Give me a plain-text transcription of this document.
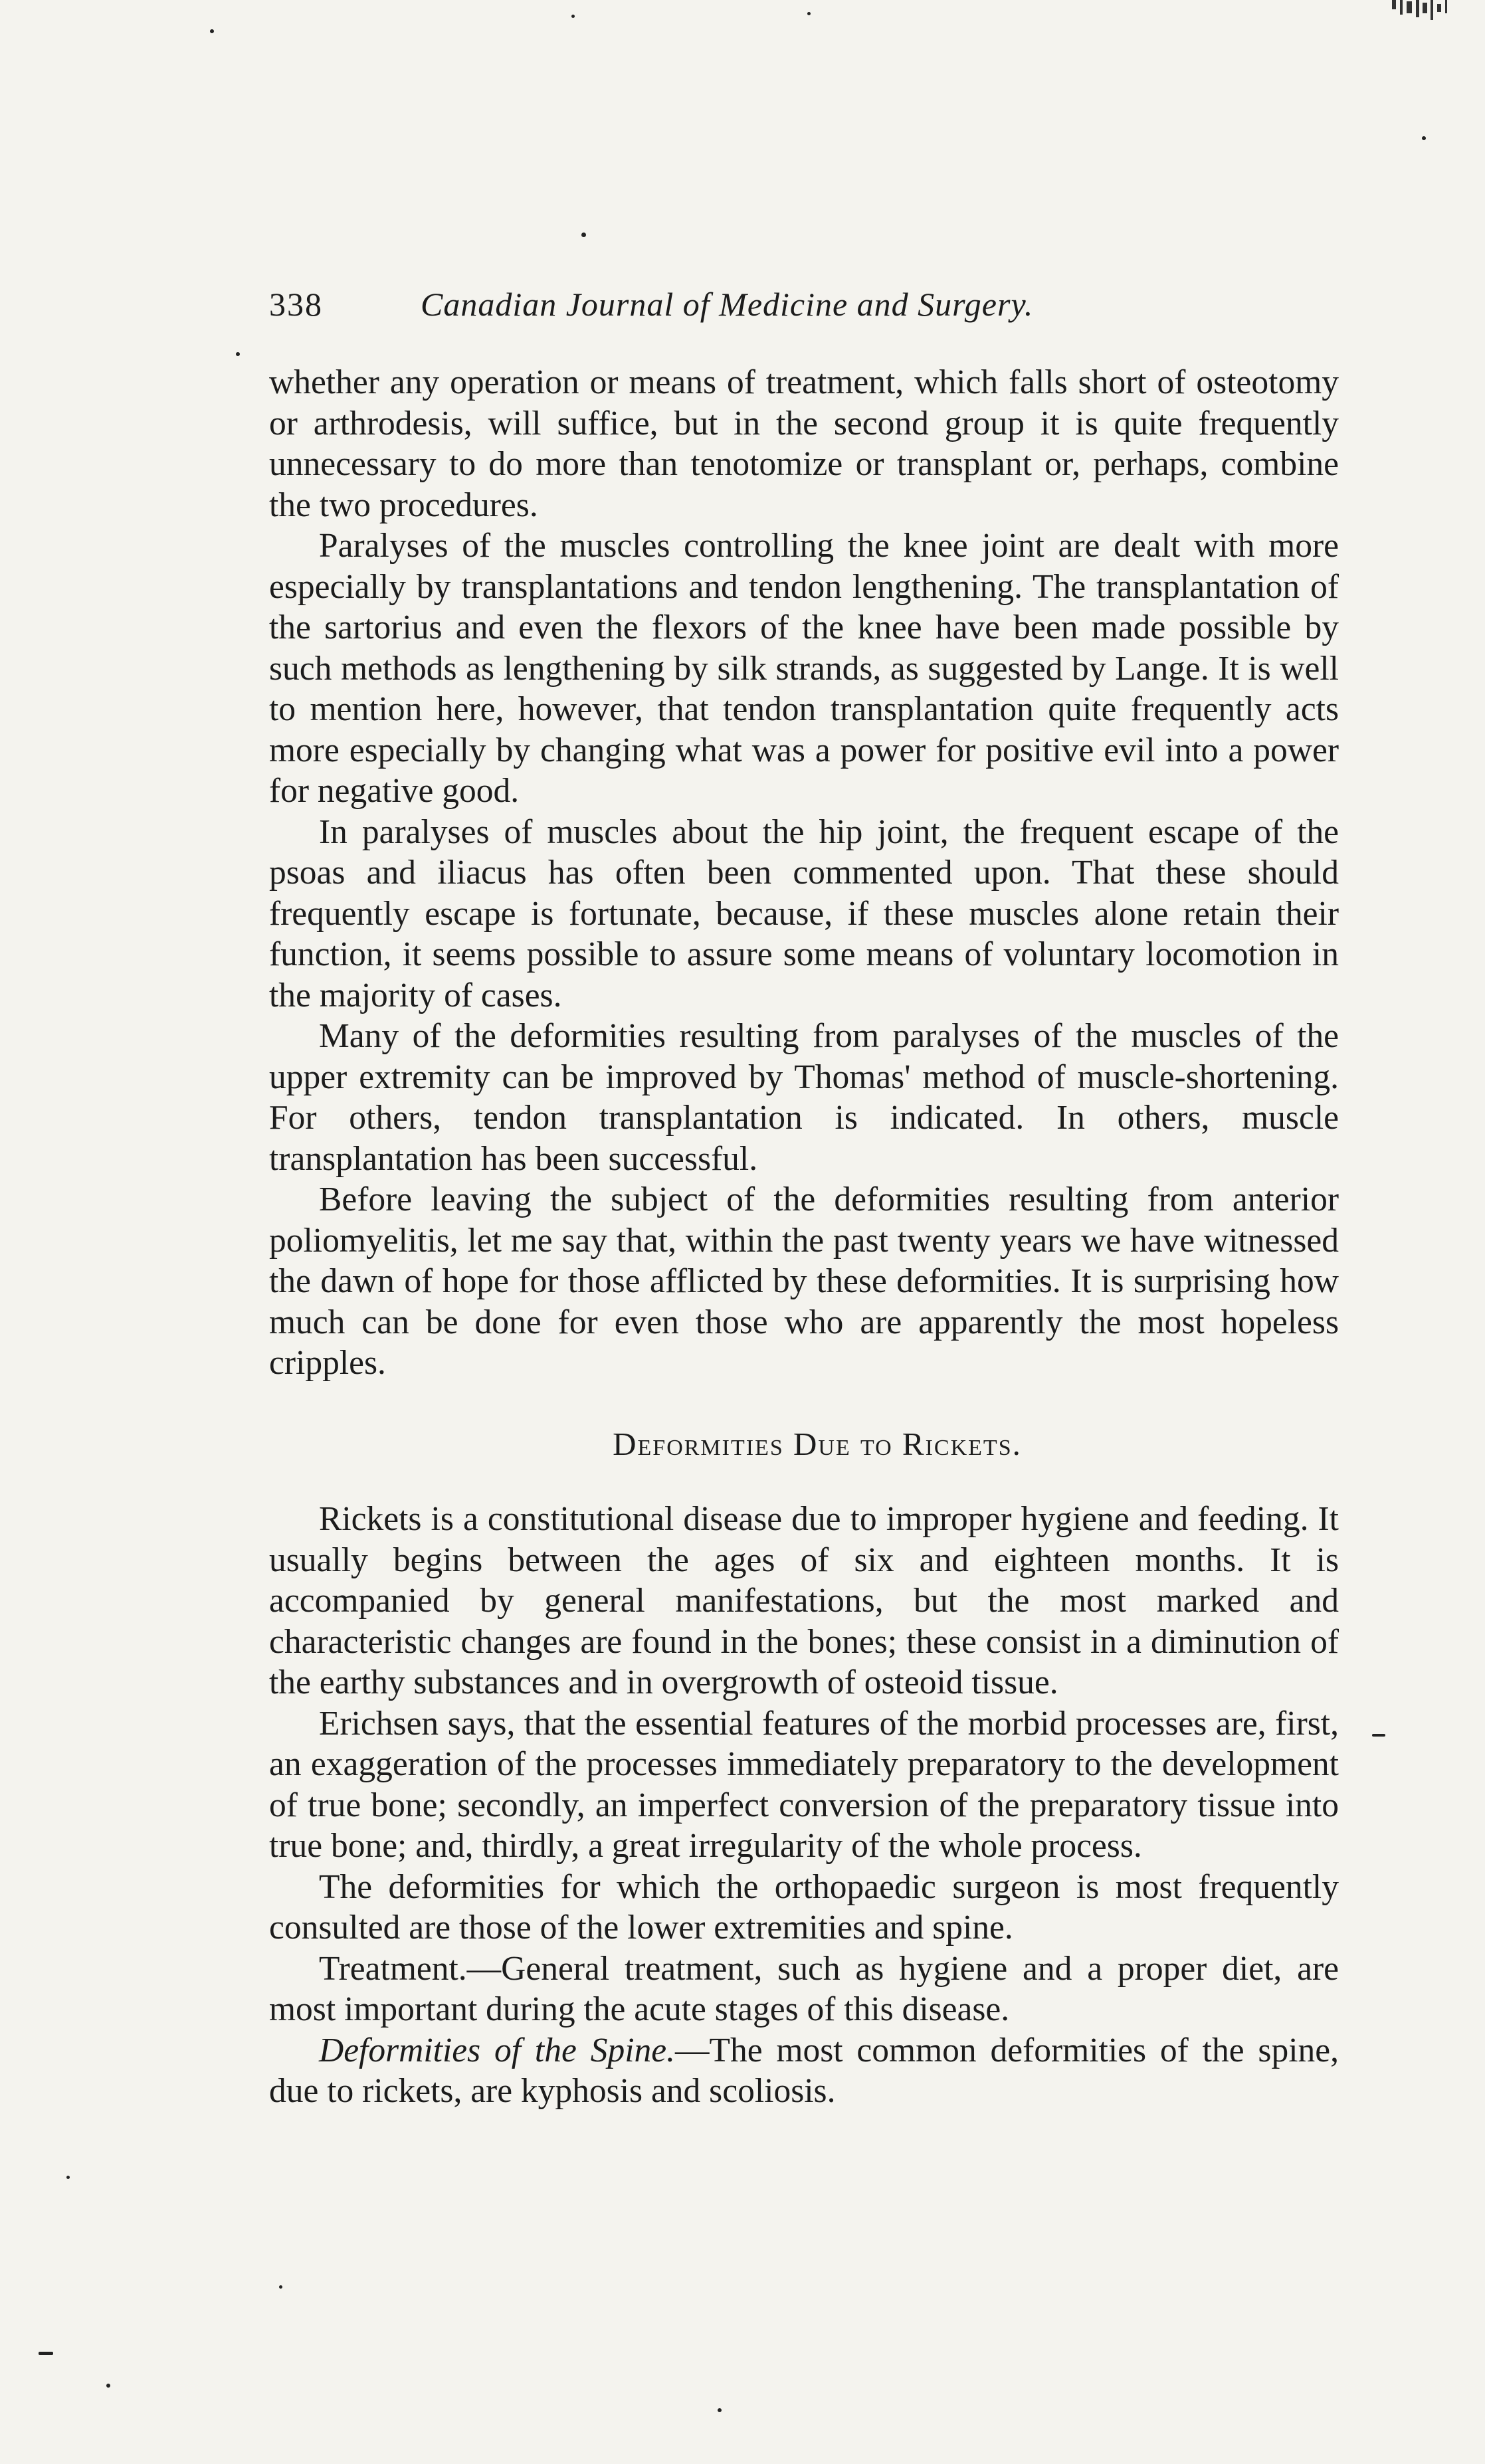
338	Canadian Journal of Medicine and Surgery.

whether any operation or means of treatment, which falls short of osteotomy or arthrodesis, will suffice, but in the second group it is quite frequently unnecessary to do more than tenotomize or transplant or, perhaps, combine the two procedures.

Paralyses of the muscles controlling the knee joint are dealt with more especially by transplantations and tendon lengthening. The transplantation of the sartorius and even the flexors of the knee have been made possible by such methods as lengthening by silk strands, as suggested by Lange. It is well to mention here, however, that tendon transplantation quite frequently acts more especially by changing what was a power for positive evil into a power for negative good.

In paralyses of muscles about the hip joint, the frequent escape of the psoas and iliacus has often been commented upon. That these should frequently escape is fortunate, because, if these muscles alone retain their function, it seems possible to assure some means of voluntary locomotion in the majority of cases.

Many of the deformities resulting from paralyses of the muscles of the upper extremity can be improved by Thomas' method of muscle-shortening. For others, tendon transplantation is indicated. In others, muscle transplantation has been successful.

Before leaving the subject of the deformities resulting from anterior poliomyelitis, let me say that, within the past twenty years we have witnessed the dawn of hope for those afflicted by these deformities. It is surprising how much can be done for even those who are apparently the most hopeless cripples.

Deformities Due to Rickets.

Rickets is a constitutional disease due to improper hygiene and feeding. It usually begins between the ages of six and eighteen months. It is accompanied by general manifestations, but the most marked and characteristic changes are found in the bones; these consist in a diminution of the earthy substances and in overgrowth of osteoid tissue.

Erichsen says, that the essential features of the morbid processes are, first, an exaggeration of the processes immediately preparatory to the development of true bone; secondly, an imperfect conversion of the preparatory tissue into true bone; and, thirdly, a great irregularity of the whole process.

The deformities for which the orthopaedic surgeon is most frequently consulted are those of the lower extremities and spine.

Treatment.—General treatment, such as hygiene and a proper diet, are most important during the acute stages of this disease.

Deformities of the Spine.—The most common deformities of the spine, due to rickets, are kyphosis and scoliosis.
